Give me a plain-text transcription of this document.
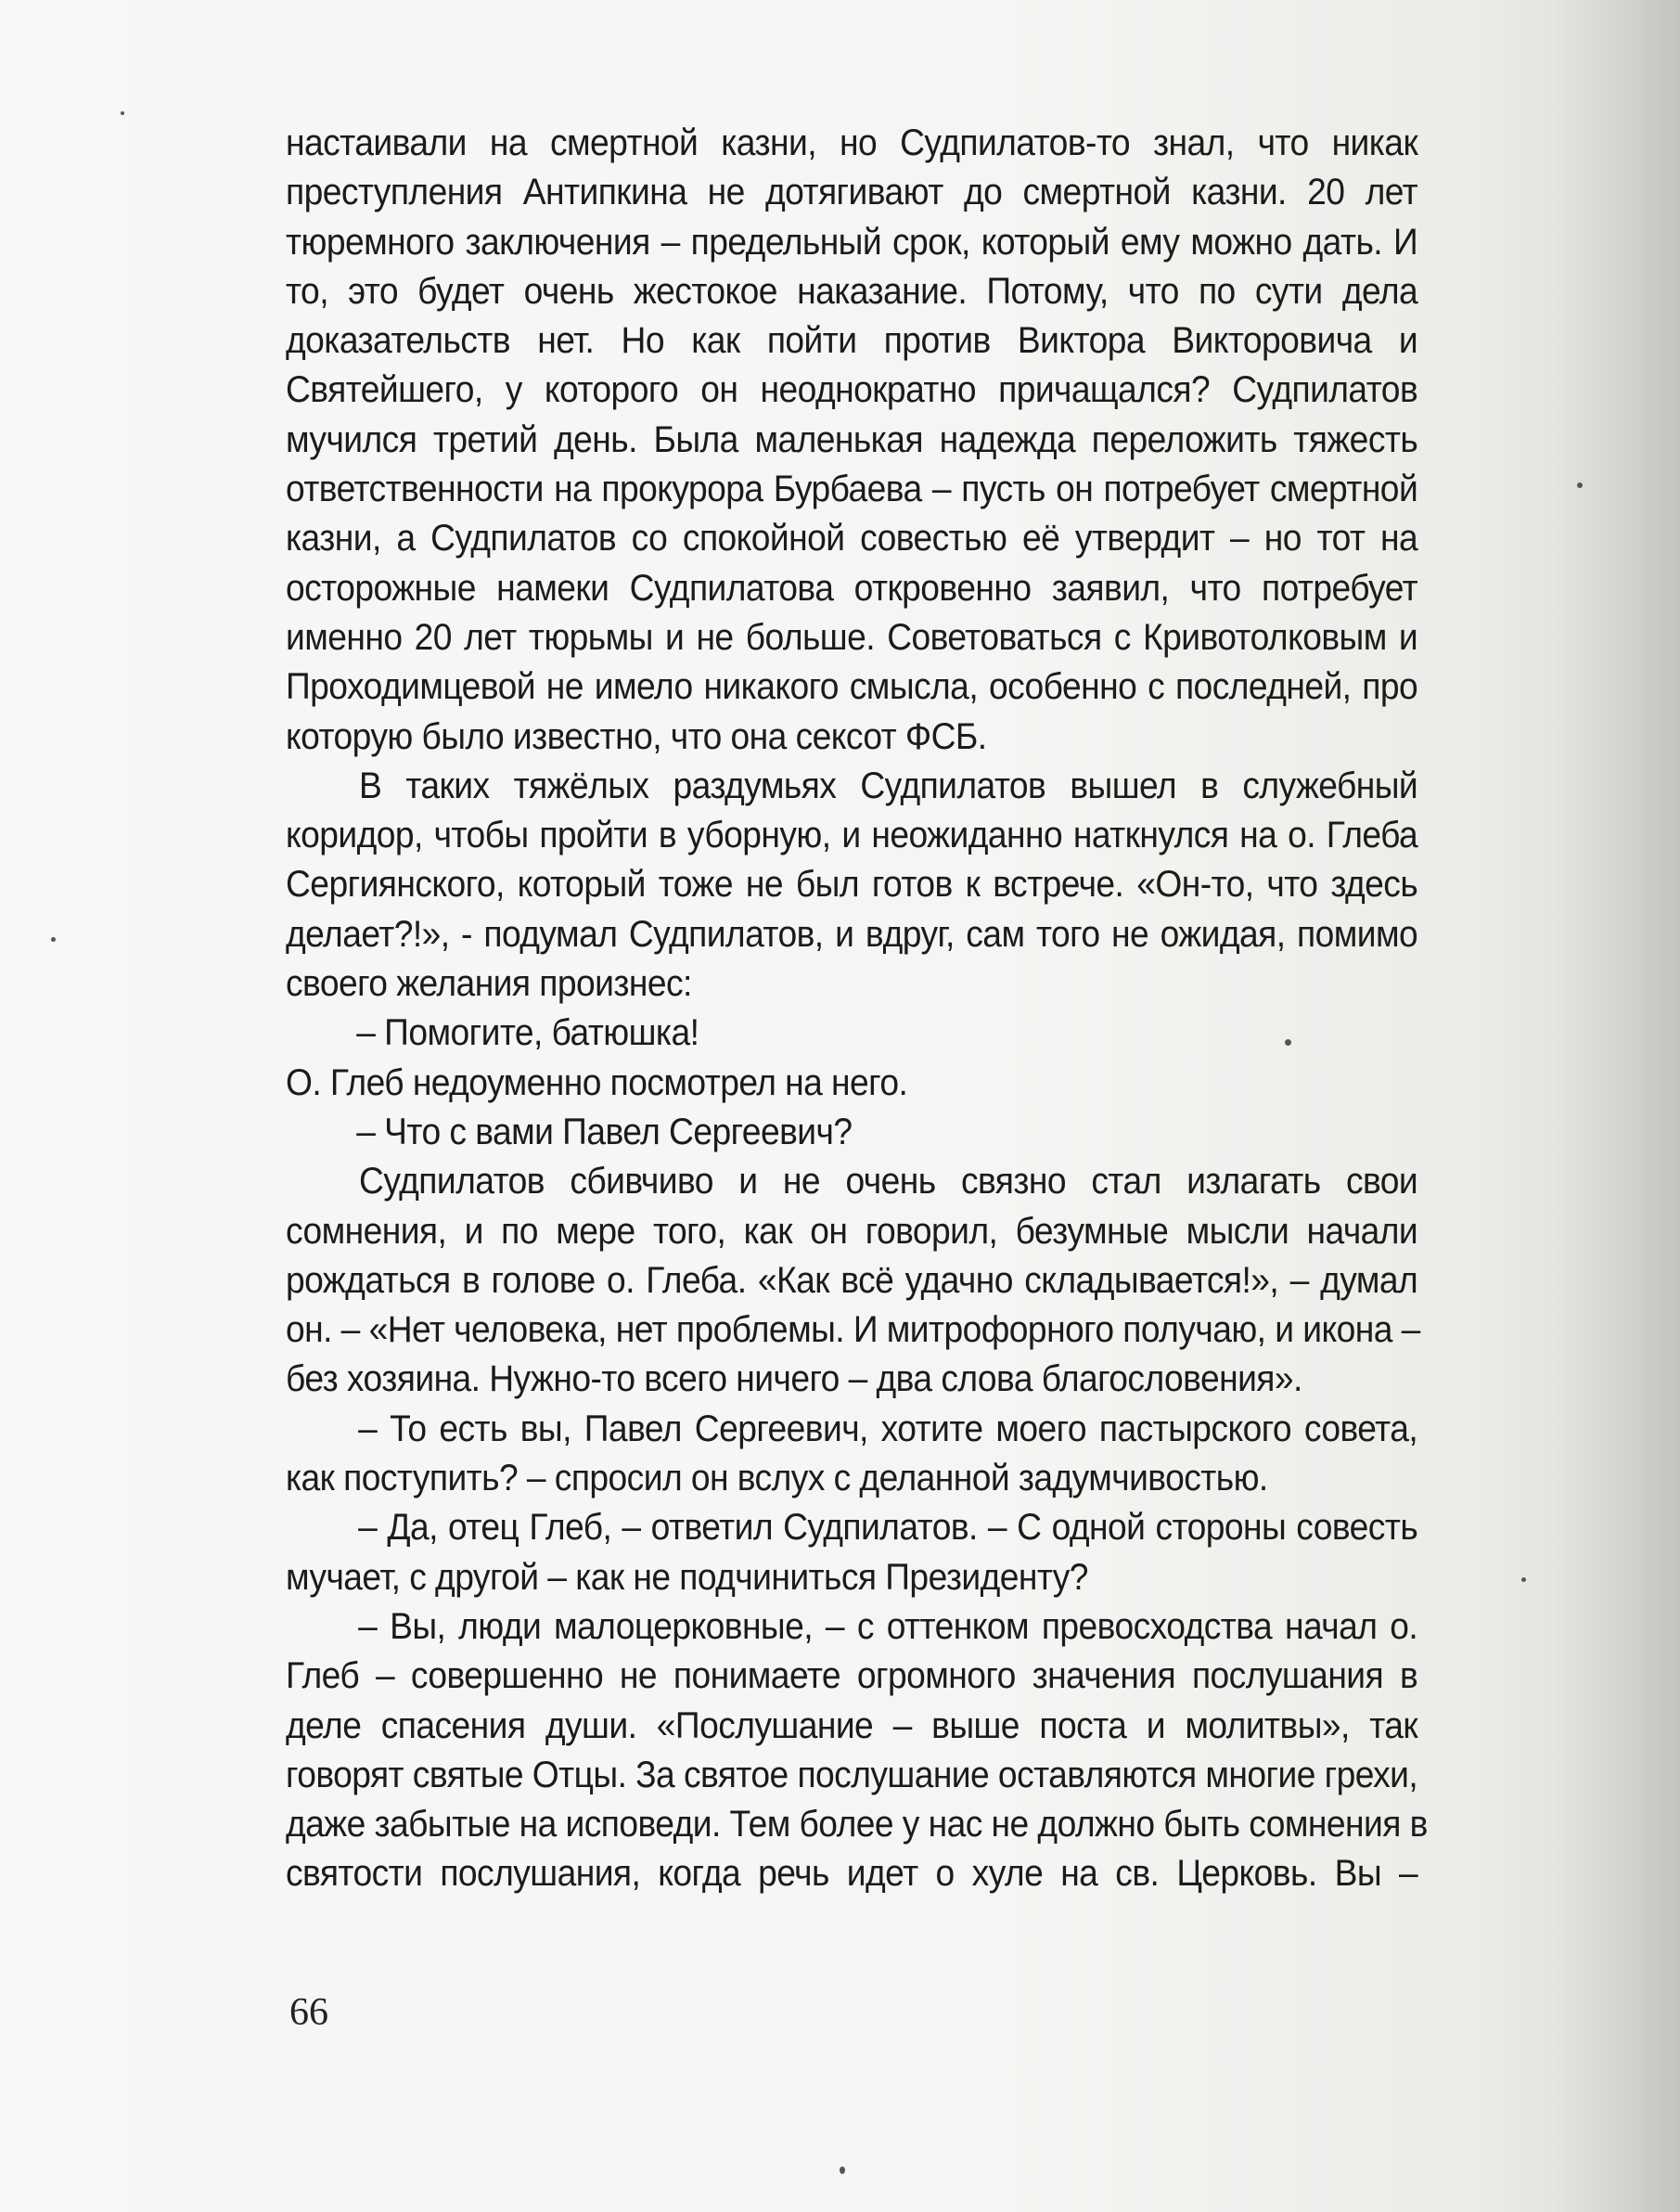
настаивали на смертной казни, но Судпилатов-то знал, что никак
преступления Антипкина не дотягивают до смертной казни. 20 лет
тюремного заключения – предельный срок, который ему можно дать. И
то, это будет очень жестокое наказание. Потому, что по сути дела
доказательств нет. Но как пойти против Виктора Викторовича и
Святейшего, у которого он неоднократно причащался? Судпилатов
мучился третий день. Была маленькая надежда переложить тяжесть
ответственности на прокурора Бурбаева – пусть он потребует смертной
казни, а Судпилатов со спокойной совестью её утвердит – но тот на
осторожные намеки Судпилатова откровенно заявил, что потребует
именно 20 лет тюрьмы и не больше. Советоваться с Кривотолковым и
Проходимцевой не имело никакого смысла, особенно с последней, про
которую было известно, что она сексот ФСБ.
В таких тяжёлых раздумьях Судпилатов вышел в служебный
коридор, чтобы пройти в уборную, и неожиданно наткнулся на о. Глеба
Сергиянского, который тоже не был готов к встрече. «Он-то, что здесь
делает?!», - подумал Судпилатов, и вдруг, сам того не ожидая, помимо
своего желания произнес:
– Помогите, батюшка!
О. Глеб недоуменно посмотрел на него.
– Что с вами Павел Сергеевич?
Судпилатов сбивчиво и не очень связно стал излагать свои
сомнения, и по мере того, как он говорил, безумные мысли начали
рождаться в голове о. Глеба. «Как всё удачно складывается!», – думал
он. – «Нет человека, нет проблемы. И митрофорного получаю, и икона –
без хозяина. Нужно-то всего ничего – два слова благословения».
– То есть вы, Павел Сергеевич, хотите моего пастырского совета,
как поступить? – спросил он вслух с деланной задумчивостью.
– Да, отец Глеб, – ответил Судпилатов. – С одной стороны совесть
мучает, с другой – как не подчиниться Президенту?
– Вы, люди малоцерковные, – с оттенком превосходства начал о.
Глеб – совершенно не понимаете огромного значения послушания в
деле спасения души. «Послушание – выше поста и молитвы», так
говорят святые Отцы. За святое послушание оставляются многие грехи,
даже забытые на исповеди. Тем более у нас не должно быть сомнения в
святости послушания, когда речь идет о хуле на св. Церковь. Вы –
66
